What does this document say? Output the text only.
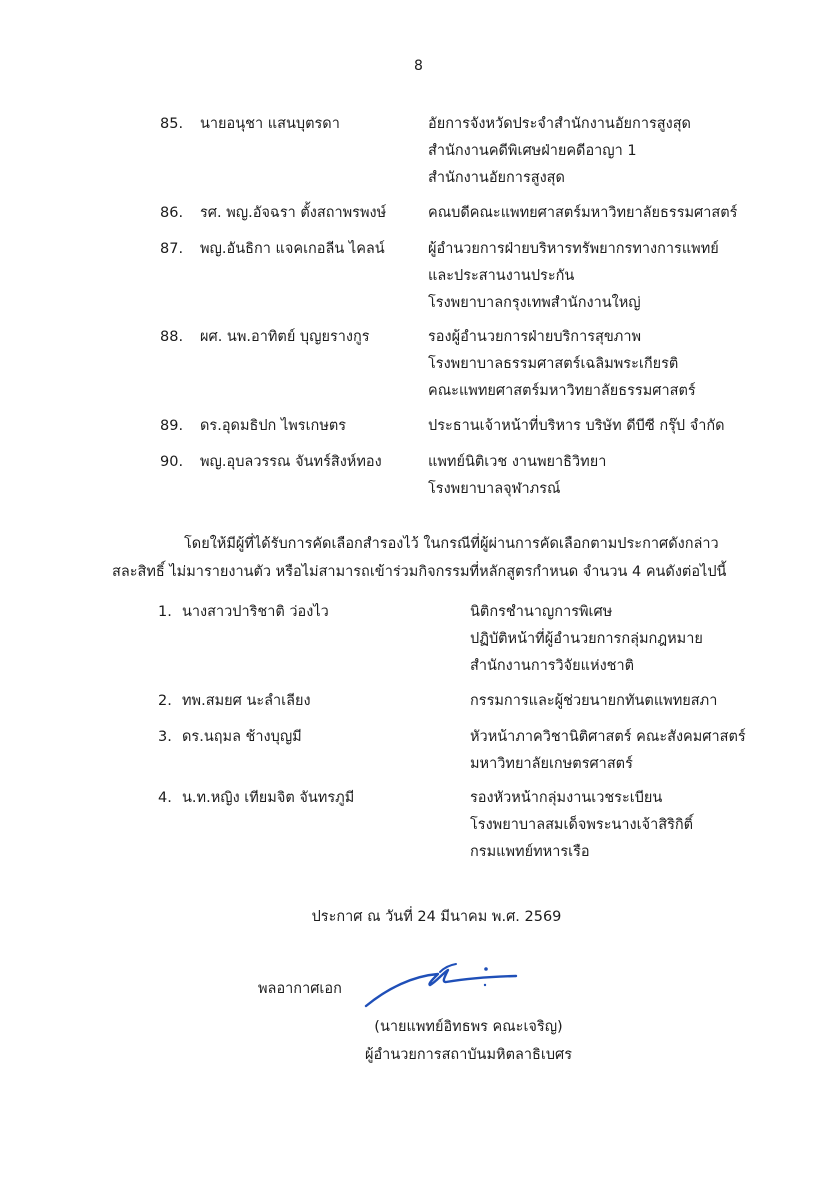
8
85.	นายอนุชา แสนบุตรดา	อัยการจังหวัดประจำสำนักงานอัยการสูงสุด
สำนักงานคดีพิเศษฝ่ายคดีอาญา 1
สำนักงานอัยการสูงสุด
86.	รศ. พญ.อัจฉรา ตั้งสถาพรพงษ์	คณบดีคณะแพทยศาสตร์มหาวิทยาลัยธรรมศาสตร์
87.	พญ.อันธิกา แจคเกอลีน ไคลน์	ผู้อำนวยการฝ่ายบริหารทรัพยากรทางการแพทย์
และประสานงานประกัน
โรงพยาบาลกรุงเทพสำนักงานใหญ่
88.	ผศ. นพ.อาทิตย์ บุญยรางกูร	รองผู้อำนวยการฝ่ายบริการสุขภาพ
โรงพยาบาลธรรมศาสตร์เฉลิมพระเกียรติ
คณะแพทยศาสตร์มหาวิทยาลัยธรรมศาสตร์
89.	ดร.อุดมธิปก ไพรเกษตร	ประธานเจ้าหน้าที่บริหาร บริษัท ดีบีซี กรุ๊ป จำกัด
90.	พญ.อุบลวรรณ จันทร์สิงห์ทอง	แพทย์นิติเวช งานพยาธิวิทยา
โรงพยาบาลจุฬาภรณ์
โดยให้มีผู้ที่ได้รับการคัดเลือกสำรองไว้ ในกรณีที่ผู้ผ่านการคัดเลือกตามประกาศดังกล่าว
สละสิทธิ์ ไม่มารายงานตัว หรือไม่สามารถเข้าร่วมกิจกรรมที่หลักสูตรกำหนด จำนวน 4 คนดังต่อไปนี้
1. นางสาวปาริชาติ ว่องไว	นิติกรชำนาญการพิเศษ
ปฏิบัติหน้าที่ผู้อำนวยการกลุ่มกฎหมาย
สำนักงานการวิจัยแห่งชาติ
2. ทพ.สมยศ นะลำเลียง	กรรมการและผู้ช่วยนายกทันตแพทยสภา
3. ดร.นฤมล ช้างบุญมี	หัวหน้าภาควิชานิติศาสตร์ คณะสังคมศาสตร์
มหาวิทยาลัยเกษตรศาสตร์
4. น.ท.หญิง เทียมจิต จันทรภูมี	รองหัวหน้ากลุ่มงานเวชระเบียน
โรงพยาบาลสมเด็จพระนางเจ้าสิริกิติ์
กรมแพทย์ทหารเรือ
ประกาศ ณ วันที่ 24 มีนาคม พ.ศ. 2569
พลอากาศเอก
(นายแพทย์อิทธพร คณะเจริญ)
ผู้อำนวยการสถาบันมหิตลาธิเบศร
